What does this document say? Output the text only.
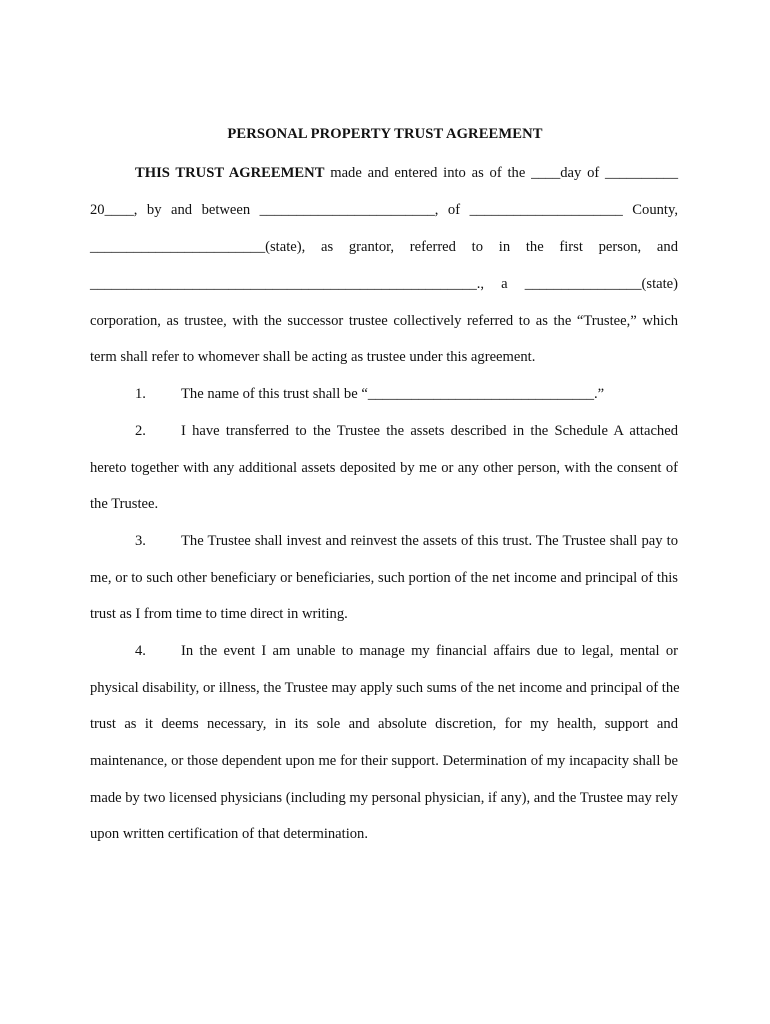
PERSONAL PROPERTY TRUST AGREEMENT
THIS TRUST AGREEMENT made and entered into as of the ____day of __________
20____, by and between ________________________, of _____________________ County,
________________________(state), as grantor, referred to in the first person, and
_____________________________________________________., a ________________(state)
corporation, as trustee, with the successor trustee collectively referred to as the “Trustee,” which
term shall refer to whomever shall be acting as trustee under this agreement.
1.	The name of this trust shall be “_______________________________.”
2.	I have transferred to the Trustee the assets described in the Schedule A attached
hereto together with any additional assets deposited by me or any other person, with the consent of
the Trustee.
3.	The Trustee shall invest and reinvest the assets of this trust. The Trustee shall pay to
me, or to such other beneficiary or beneficiaries, such portion of the net income and principal of this
trust as I from time to time direct in writing.
4.	In the event I am unable to manage my financial affairs due to legal, mental or
physical disability, or illness, the Trustee may apply such sums of the net income and principal of the
trust as it deems necessary, in its sole and absolute discretion, for my health, support and
maintenance, or those dependent upon me for their support. Determination of my incapacity shall be
made by two licensed physicians (including my personal physician, if any), and the Trustee may rely
upon written certification of that determination.
